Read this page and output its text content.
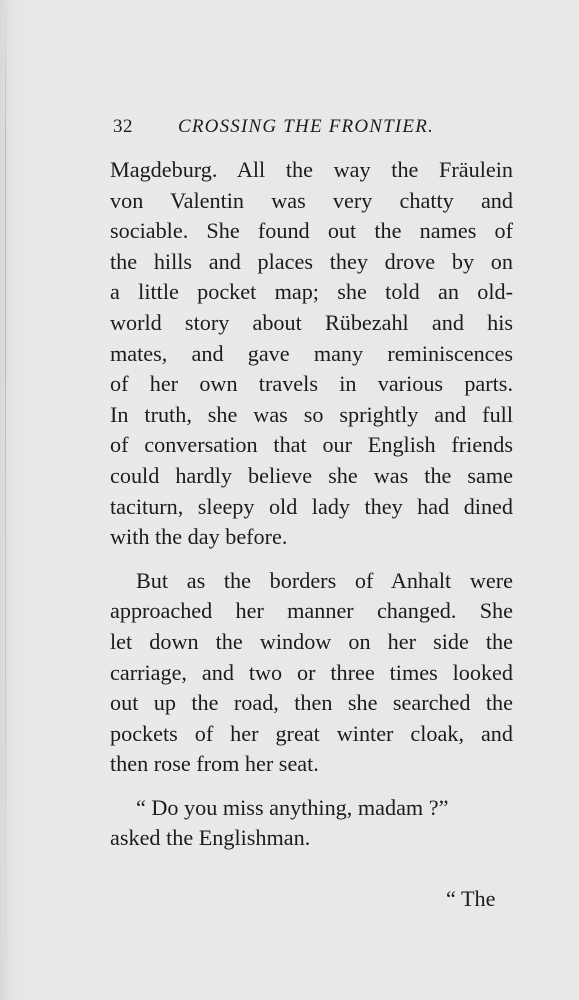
32 CROSSING THE FRONTIER.
Magdeburg. All the way the Fräulein
von Valentin was very chatty and
sociable. She found out the names of
the hills and places they drove by on
a little pocket map; she told an old-
world story about Rübezahl and his
mates, and gave many reminiscences
of her own travels in various parts.
In truth, she was so sprightly and full
of conversation that our English friends
could hardly believe she was the same
taciturn, sleepy old lady they had dined
with the day before.
But as the borders of Anhalt were
approached her manner changed. She
let down the window on her side the
carriage, and two or three times looked
out up the road, then she searched the
pockets of her great winter cloak, and
then rose from her seat.
“ Do you miss anything, madam ?”
asked the Englishman.
“ The
